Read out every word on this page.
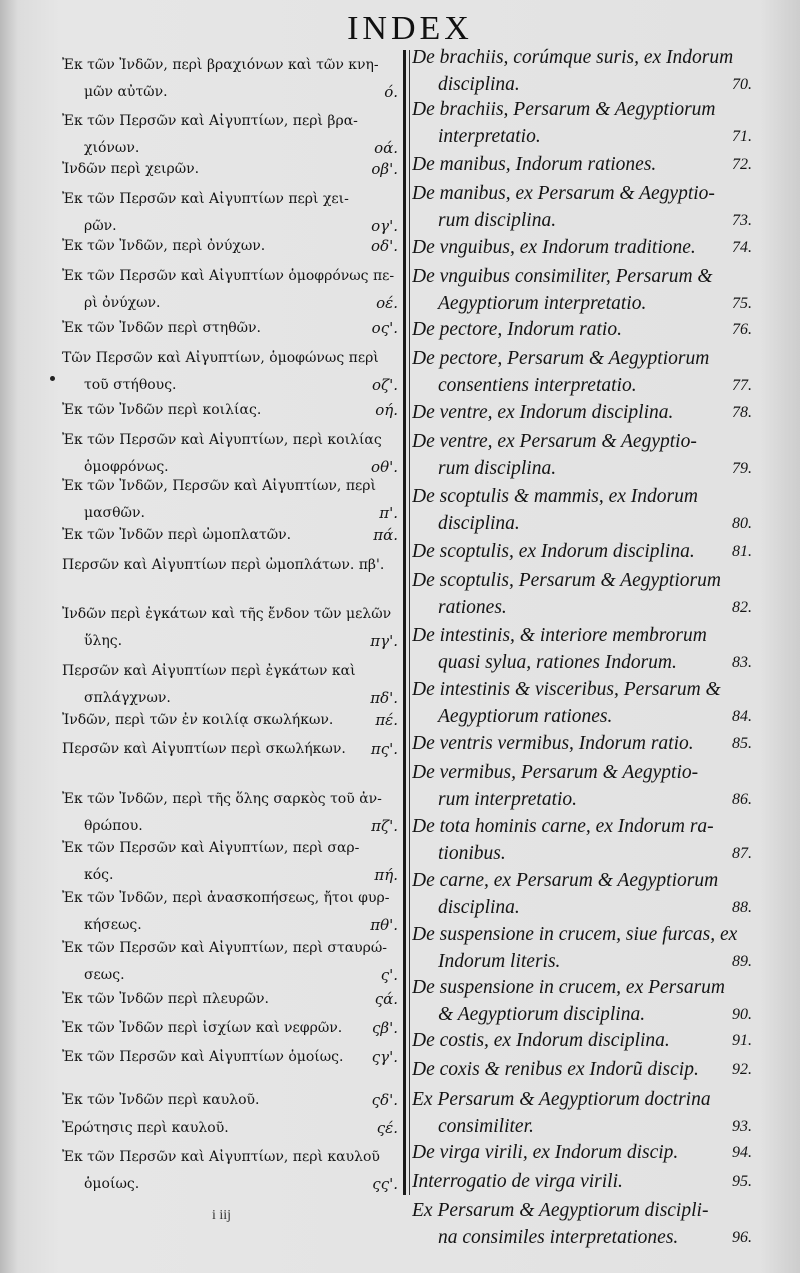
INDEX
Ἐκ τῶν Ἰνδῶν, περὶ βραχιόνων καὶ τῶν κνη-
μῶν αὐτῶν.	ό.
Ἐκ τῶν Περσῶν καὶ Αἰγυπτίων, περὶ βρα-
χιόνων.	οά.
Ἰνδῶν περὶ χειρῶν.	οβ'.
Ἐκ τῶν Περσῶν καὶ Αἰγυπτίων περὶ χει-
ρῶν.	ογ'.
Ἐκ τῶν Ἰνδῶν, περὶ ὀνύχων.	οδ'.
Ἐκ τῶν Περσῶν καὶ Αἰγυπτίων ὁμοφρόνως πε-
ρὶ ὀνύχων.	οέ.
Ἐκ τῶν Ἰνδῶν περὶ στηθῶν.	ος'.
Τῶν Περσῶν καὶ Αἰγυπτίων, ὁμοφώνως περὶ
τοῦ στήθους.	οζ'.
Ἐκ τῶν Ἰνδῶν περὶ κοιλίας.	οή.
Ἐκ τῶν Περσῶν καὶ Αἰγυπτίων, περὶ κοιλίας
ὁμοφρόνως.	οθ'.
Ἐκ τῶν Ἰνδῶν, Περσῶν καὶ Αἰγυπτίων, περὶ
μασθῶν.	π'.
Ἐκ τῶν Ἰνδῶν περὶ ὠμοπλατῶν.	πά.
Περσῶν καὶ Αἰγυπτίων περὶ ὠμοπλάτων. πβ'.
Ἰνδῶν περὶ ἐγκάτων καὶ τῆς ἔνδον τῶν μελῶν
ὕλης.	πγ'.
Περσῶν καὶ Αἰγυπτίων περὶ ἐγκάτων καὶ
σπλάγχνων.	πδ'.
Ἰνδῶν, περὶ τῶν ἐν κοιλίᾳ σκωλήκων.	πέ.
Περσῶν καὶ Αἰγυπτίων περὶ σκωλήκων.	πς'.
Ἐκ τῶν Ἰνδῶν, περὶ τῆς ὅλης σαρκὸς τοῦ ἀν-
θρώπου.	πζ'.
Ἐκ τῶν Περσῶν καὶ Αἰγυπτίων, περὶ σαρ-
κός.	πή.
Ἐκ τῶν Ἰνδῶν, περὶ ἀνασκοπήσεως, ἤτοι φυρ-
κήσεως.	πθ'.
Ἐκ τῶν Περσῶν καὶ Αἰγυπτίων, περὶ σταυρώ-
σεως.	ς'.
Ἐκ τῶν Ἰνδῶν περὶ πλευρῶν.	ςά.
Ἐκ τῶν Ἰνδῶν περὶ ἰσχίων καὶ νεφρῶν.	ςβ'.
Ἐκ τῶν Περσῶν καὶ Αἰγυπτίων ὁμοίως.	ςγ'.
Ἐκ τῶν Ἰνδῶν περὶ καυλοῦ.	ςδ'.
Ἐρώτησις περὶ καυλοῦ.	ςέ.
Ἐκ τῶν Περσῶν καὶ Αἰγυπτίων, περὶ καυλοῦ
ὁμοίως.	ςς'.
De brachiis, corúmque suris, ex Indorum
disciplina.	70.
De brachiis, Persarum & Aegyptiorum
interpretatio.	71.
De manibus, Indorum rationes.	72.
De manibus, ex Persarum & Aegyptio-
rum disciplina.	73.
De vnguibus, ex Indorum traditione.	74.
De vnguibus consimiliter, Persarum &
Aegyptiorum interpretatio.	75.
De pectore, Indorum ratio.	76.
De pectore, Persarum & Aegyptiorum
consentiens interpretatio.	77.
De ventre, ex Indorum disciplina.	78.
De ventre, ex Persarum & Aegyptio-
rum disciplina.	79.
De scoptulis & mammis, ex Indorum
disciplina.	80.
De scoptulis, ex Indorum disciplina.	81.
De scoptulis, Persarum & Aegyptiorum
rationes.	82.
De intestinis, & interiore membrorum
quasi sylua, rationes Indorum.	83.
De intestinis & visceribus, Persarum &
Aegyptiorum rationes.	84.
De ventris vermibus, Indorum ratio.	85.
De vermibus, Persarum & Aegyptio-
rum interpretatio.	86.
De tota hominis carne, ex Indorum ra-
tionibus.	87.
De carne, ex Persarum & Aegyptiorum
disciplina.	88.
De suspensione in crucem, siue furcas, ex
Indorum literis.	89.
De suspensione in crucem, ex Persarum
& Aegyptiorum disciplina.	90.
De costis, ex Indorum disciplina.	91.
De coxis & renibus ex Indorũ discip.	92.
Ex Persarum & Aegyptiorum doctrina
consimiliter.	93.
De virga virili, ex Indorum discip.	94.
Interrogatio de virga virili.	95.
Ex Persarum & Aegyptiorum discipli-
na consimiles interpretationes.	96.
i iij
